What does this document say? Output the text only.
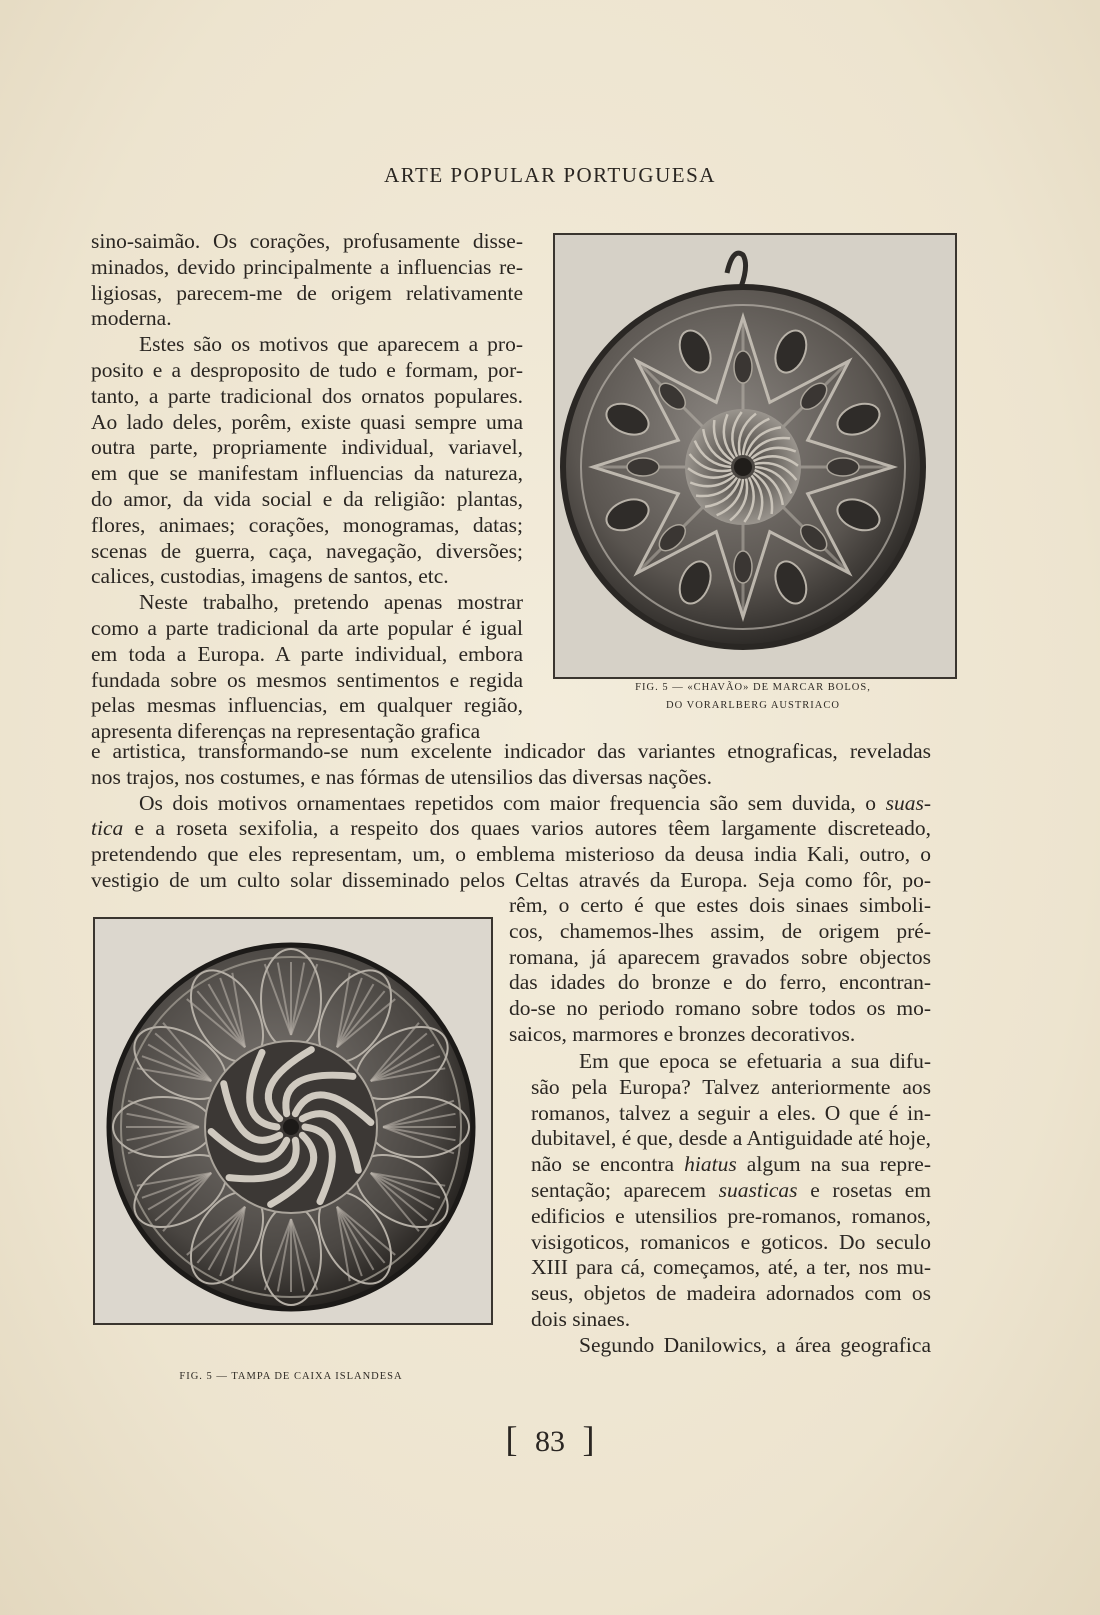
ARTE POPULAR PORTUGUESA
sino-saimão. Os corações, profusamente disse-
minados, devido principalmente a influencias re-
ligiosas, parecem-me de origem relativamente
moderna.
Estes são os motivos que aparecem a pro-
posito e a desproposito de tudo e formam, por-
tanto, a parte tradicional dos ornatos populares.
Ao lado deles, porêm, existe quasi sempre uma
outra parte, propriamente individual, variavel,
em que se manifestam influencias da natureza,
do amor, da vida social e da religião: plantas,
flores, animaes; corações, monogramas, datas;
scenas de guerra, caça, navegação, diversões;
calices, custodias, imagens de santos, etc.
Neste trabalho, pretendo apenas mostrar
como a parte tradicional da arte popular é igual
em toda a Europa. A parte individual, embora
fundada sobre os mesmos sentimentos e regida
pelas mesmas influencias, em qualquer região,
apresenta diferenças na representação grafica
FIG. 5 — «CHAVÃO» DE MARCAR BOLOS,
DO VORARLBERG AUSTRIACO
e artistica, transformando-se num excelente indicador das variantes etnograficas, reveladas
nos trajos, nos costumes, e nas fórmas de utensilios das diversas nações.
Os dois motivos ornamentaes repetidos com maior frequencia são sem duvida, o suas-
tica e a roseta sexifolia, a respeito dos quaes varios autores têem largamente discreteado,
pretendendo que eles representam, um, o emblema misterioso da deusa india Kali, outro, o
vestigio de um culto solar disseminado pelos Celtas através da Europa. Seja como fôr, po-
FIG. 5 — TAMPA DE CAIXA ISLANDESA
rêm, o certo é que estes dois sinaes simboli-
cos, chamemos-lhes assim, de origem pré-
romana, já aparecem gravados sobre objectos
das idades do bronze e do ferro, encontran-
do-se no periodo romano sobre todos os mo-
saicos, marmores e bronzes decorativos.
Em que epoca se efetuaria a sua difu-
são pela Europa? Talvez anteriormente aos
romanos, talvez a seguir a eles. O que é in-
dubitavel, é que, desde a Antiguidade até hoje,
não se encontra hiatus algum na sua repre-
sentação; aparecem suasticas e rosetas em
edificios e utensilios pre-romanos, romanos,
visigoticos, romanicos e goticos. Do seculo
XIII para cá, começamos, até, a ter, nos mu-
seus, objetos de madeira adornados com os
dois sinaes.
Segundo Danilowics, a área geografica
[ 83 ]
